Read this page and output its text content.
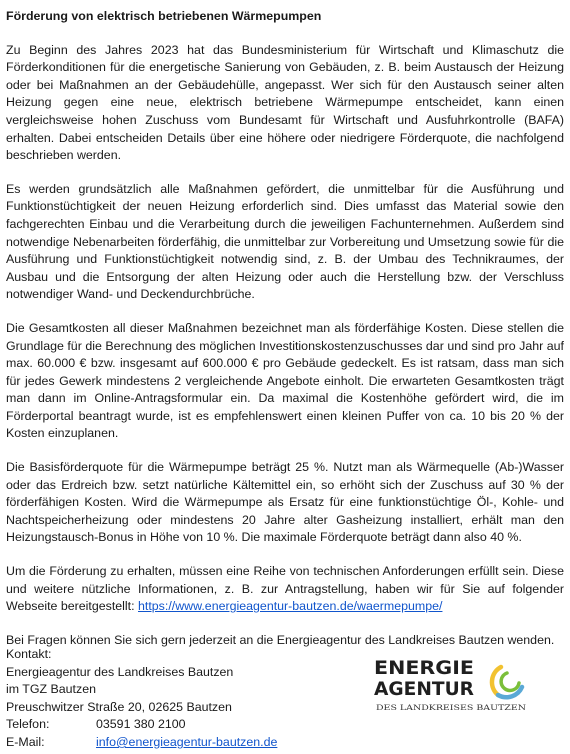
Förderung von elektrisch betriebenen Wärmepumpen

Zu Beginn des Jahres 2023 hat das Bundesministerium für Wirtschaft und Klimaschutz die Förderkonditionen für die energetische Sanierung von Gebäuden, z. B. beim Austausch der Heizung oder bei Maßnahmen an der Gebäudehülle, angepasst. Wer sich für den Austausch seiner alten Heizung gegen eine neue, elektrisch betriebene Wärmepumpe entscheidet, kann einen vergleichsweise hohen Zuschuss vom Bundesamt für Wirtschaft und Ausfuhrkontrolle (BAFA) erhalten. Dabei entscheiden Details über eine höhere oder niedrigere Förderquote, die nachfolgend beschrieben werden.

Es werden grundsätzlich alle Maßnahmen gefördert, die unmittelbar für die Ausführung und Funktionstüchtigkeit der neuen Heizung erforderlich sind. Dies umfasst das Material sowie den fachgerechten Einbau und die Verarbeitung durch die jeweiligen Fachunternehmen. Außerdem sind notwendige Nebenarbeiten förderfähig, die unmittelbar zur Vorbereitung und Umsetzung sowie für die Ausführung und Funktionstüchtigkeit notwendig sind, z. B. der Umbau des Technikraumes, der Ausbau und die Entsorgung der alten Heizung oder auch die Herstellung bzw. der Verschluss notwendiger Wand- und Deckendurchbrüche.

Die Gesamtkosten all dieser Maßnahmen bezeichnet man als förderfähige Kosten. Diese stellen die Grundlage für die Berechnung des möglichen Investitionskostenzuschusses dar und sind pro Jahr auf max. 60.000 € bzw. insgesamt auf 600.000 € pro Gebäude gedeckelt. Es ist ratsam, dass man sich für jedes Gewerk mindestens 2 vergleichende Angebote einholt. Die erwarteten Gesamtkosten trägt man dann im Online-Antragsformular ein. Da maximal die Kostenhöhe gefördert wird, die im Förderportal beantragt wurde, ist es empfehlenswert einen kleinen Puffer von ca. 10 bis 20 % der Kosten einzuplanen.

Die Basisförderquote für die Wärmepumpe beträgt 25 %. Nutzt man als Wärmequelle (Ab-)Wasser oder das Erdreich bzw. setzt natürliche Kältemittel ein, so erhöht sich der Zuschuss auf 30 % der förderfähigen Kosten. Wird die Wärmepumpe als Ersatz für eine funktionstüchtige Öl-, Kohle- und Nachtspeicherheizung oder mindestens 20 Jahre alter Gasheizung installiert, erhält man den Heizungstausch-Bonus in Höhe von 10 %. Die maximale Förderquote beträgt dann also 40 %.

Um die Förderung zu erhalten, müssen eine Reihe von technischen Anforderungen erfüllt sein. Diese und weitere nützliche Informationen, z. B. zur Antragstellung, haben wir für Sie auf folgender Webseite bereitgestellt: https://www.energieagentur-bautzen.de/waermepumpe/

Bei Fragen können Sie sich gern jederzeit an die Energieagentur des Landkreises Bautzen wenden.

Kontakt:
Energieagentur des Landkreises Bautzen
im TGZ Bautzen
Preuschwitzer Straße 20, 02625 Bautzen
Telefon:	03591 380 2100
E-Mail:	info@energieagentur-bautzen.de
ENERGIE
AGENTUR
DES LANDKREISES BAUTZEN
